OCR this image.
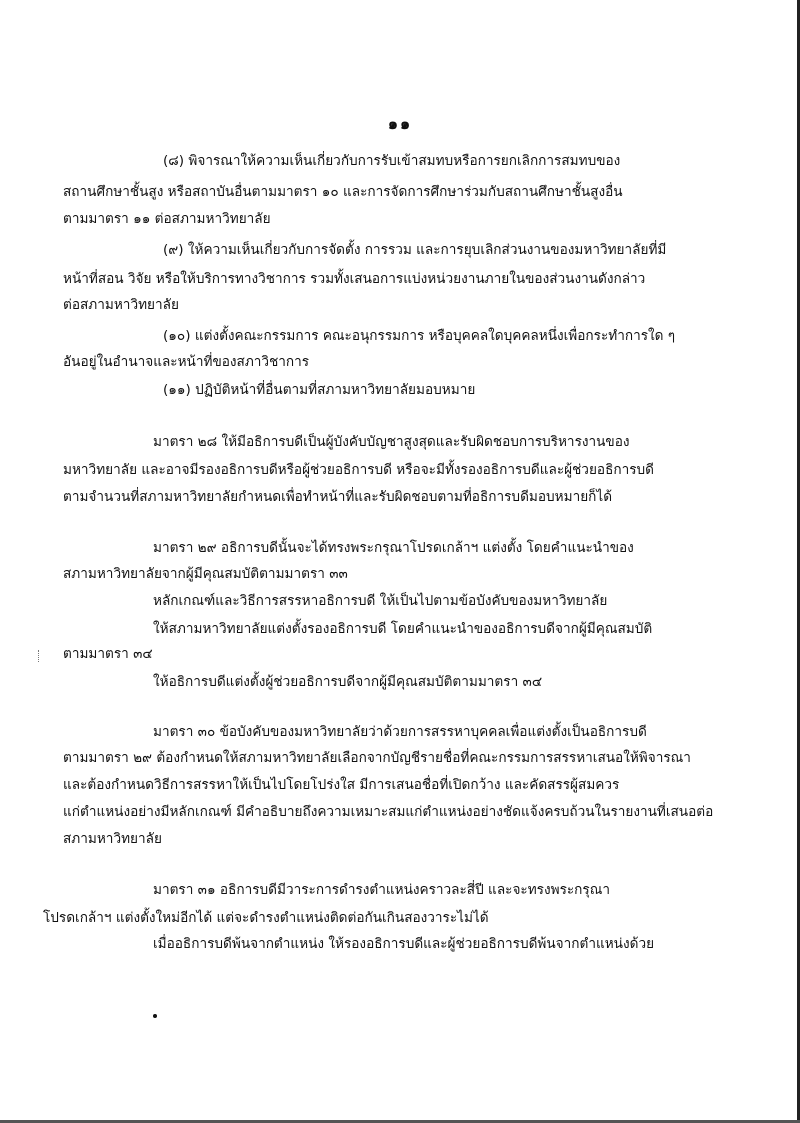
๑๑
(๘) พิจารณาให้ความเห็นเกี่ยวกับการรับเข้าสมทบหรือการยกเลิกการสมทบของ
สถานศึกษาชั้นสูง หรือสถาบันอื่นตามมาตรา ๑๐ และการจัดการศึกษาร่วมกับสถานศึกษาชั้นสูงอื่น
ตามมาตรา ๑๑ ต่อสภามหาวิทยาลัย
(๙) ให้ความเห็นเกี่ยวกับการจัดตั้ง การรวม และการยุบเลิกส่วนงานของมหาวิทยาลัยที่มี
หน้าที่สอน วิจัย หรือให้บริการทางวิชาการ รวมทั้งเสนอการแบ่งหน่วยงานภายในของส่วนงานดังกล่าว
ต่อสภามหาวิทยาลัย
(๑๐) แต่งตั้งคณะกรรมการ คณะอนุกรรมการ หรือบุคคลใดบุคคลหนึ่งเพื่อกระทำการใด ๆ
อันอยู่ในอำนาจและหน้าที่ของสภาวิชาการ
(๑๑) ปฏิบัติหน้าที่อื่นตามที่สภามหาวิทยาลัยมอบหมาย
มาตรา ๒๘ ให้มีอธิการบดีเป็นผู้บังคับบัญชาสูงสุดและรับผิดชอบการบริหารงานของ
มหาวิทยาลัย และอาจมีรองอธิการบดีหรือผู้ช่วยอธิการบดี หรือจะมีทั้งรองอธิการบดีและผู้ช่วยอธิการบดี
ตามจำนวนที่สภามหาวิทยาลัยกำหนดเพื่อทำหน้าที่และรับผิดชอบตามที่อธิการบดีมอบหมายก็ได้
มาตรา ๒๙ อธิการบดีนั้นจะได้ทรงพระกรุณาโปรดเกล้าฯ แต่งตั้ง โดยคำแนะนำของ
สภามหาวิทยาลัยจากผู้มีคุณสมบัติตามมาตรา ๓๓
หลักเกณฑ์และวิธีการสรรหาอธิการบดี ให้เป็นไปตามข้อบังคับของมหาวิทยาลัย
ให้สภามหาวิทยาลัยแต่งตั้งรองอธิการบดี โดยคำแนะนำของอธิการบดีจากผู้มีคุณสมบัติ
ตามมาตรา ๓๔
ให้อธิการบดีแต่งตั้งผู้ช่วยอธิการบดีจากผู้มีคุณสมบัติตามมาตรา ๓๔
มาตรา ๓๐ ข้อบังคับของมหาวิทยาลัยว่าด้วยการสรรหาบุคคลเพื่อแต่งตั้งเป็นอธิการบดี
ตามมาตรา ๒๙ ต้องกำหนดให้สภามหาวิทยาลัยเลือกจากบัญชีรายชื่อที่คณะกรรมการสรรหาเสนอให้พิจารณา
และต้องกำหนดวิธีการสรรหาให้เป็นไปโดยโปร่งใส มีการเสนอชื่อที่เปิดกว้าง และคัดสรรผู้สมควร
แก่ตำแหน่งอย่างมีหลักเกณฑ์ มีคำอธิบายถึงความเหมาะสมแก่ตำแหน่งอย่างชัดแจ้งครบถ้วนในรายงานที่เสนอต่อ
สภามหาวิทยาลัย
มาตรา ๓๑ อธิการบดีมีวาระการดำรงตำแหน่งคราวละสี่ปี และจะทรงพระกรุณา
โปรดเกล้าฯ แต่งตั้งใหม่อีกได้ แต่จะดำรงตำแหน่งติดต่อกันเกินสองวาระไม่ได้
เมื่ออธิการบดีพ้นจากตำแหน่ง ให้รองอธิการบดีและผู้ช่วยอธิการบดีพ้นจากตำแหน่งด้วย
